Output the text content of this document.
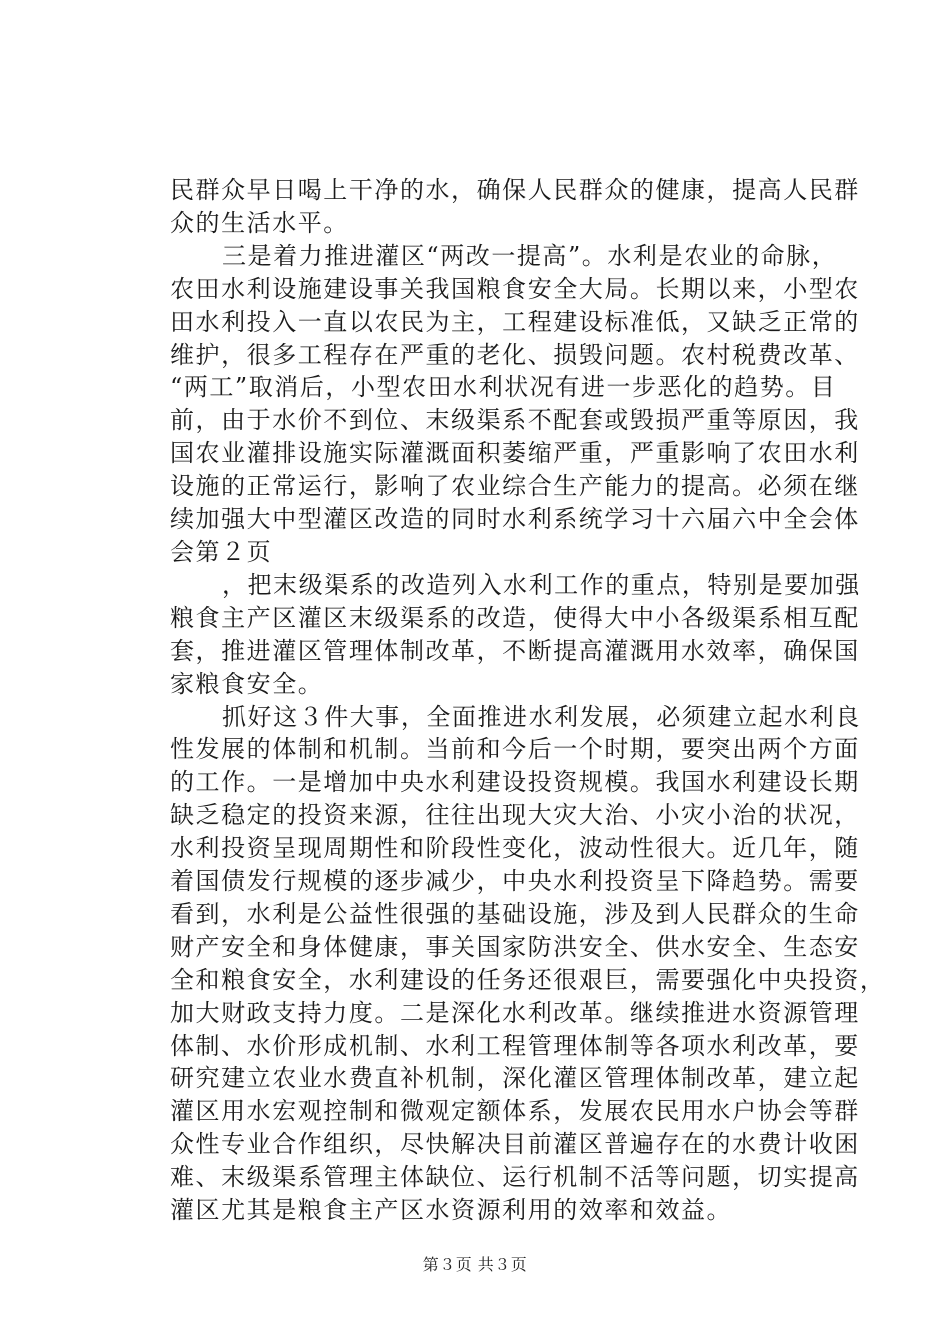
民群众早日喝上干净的水，确保人民群众的健康，提高人民群
众的生活水平。
三是着力推进灌区“两改一提高”。水利是农业的命脉，
农田水利设施建设事关我国粮食安全大局。长期以来，小型农
田水利投入一直以农民为主，工程建设标准低，又缺乏正常的
维护，很多工程存在严重的老化、损毁问题。农村税费改革、
“两工”取消后，小型农田水利状况有进一步恶化的趋势。目
前，由于水价不到位、末级渠系不配套或毁损严重等原因，我
国农业灌排设施实际灌溉面积萎缩严重，严重影响了农田水利
设施的正常运行，影响了农业综合生产能力的提高。必须在继
续加强大中型灌区改造的同时水利系统学习十六届六中全会体
会第２页
，把末级渠系的改造列入水利工作的重点，特别是要加强
粮食主产区灌区末级渠系的改造，使得大中小各级渠系相互配
套，推进灌区管理体制改革，不断提高灌溉用水效率，确保国
家粮食安全。
抓好这３件大事，全面推进水利发展，必须建立起水利良
性发展的体制和机制。当前和今后一个时期，要突出两个方面
的工作。一是增加中央水利建设投资规模。我国水利建设长期
缺乏稳定的投资来源，往往出现大灾大治、小灾小治的状况，
水利投资呈现周期性和阶段性变化，波动性很大。近几年，随
着国债发行规模的逐步减少，中央水利投资呈下降趋势。需要
看到，水利是公益性很强的基础设施，涉及到人民群众的生命
财产安全和身体健康，事关国家防洪安全、供水安全、生态安
全和粮食安全，水利建设的任务还很艰巨，需要强化中央投资，
加大财政支持力度。二是深化水利改革。继续推进水资源管理
体制、水价形成机制、水利工程管理体制等各项水利改革，要
研究建立农业水费直补机制，深化灌区管理体制改革，建立起
灌区用水宏观控制和微观定额体系，发展农民用水户协会等群
众性专业合作组织，尽快解决目前灌区普遍存在的水费计收困
难、末级渠系管理主体缺位、运行机制不活等问题，切实提高
灌区尤其是粮食主产区水资源利用的效率和效益。
第３页 共３页
